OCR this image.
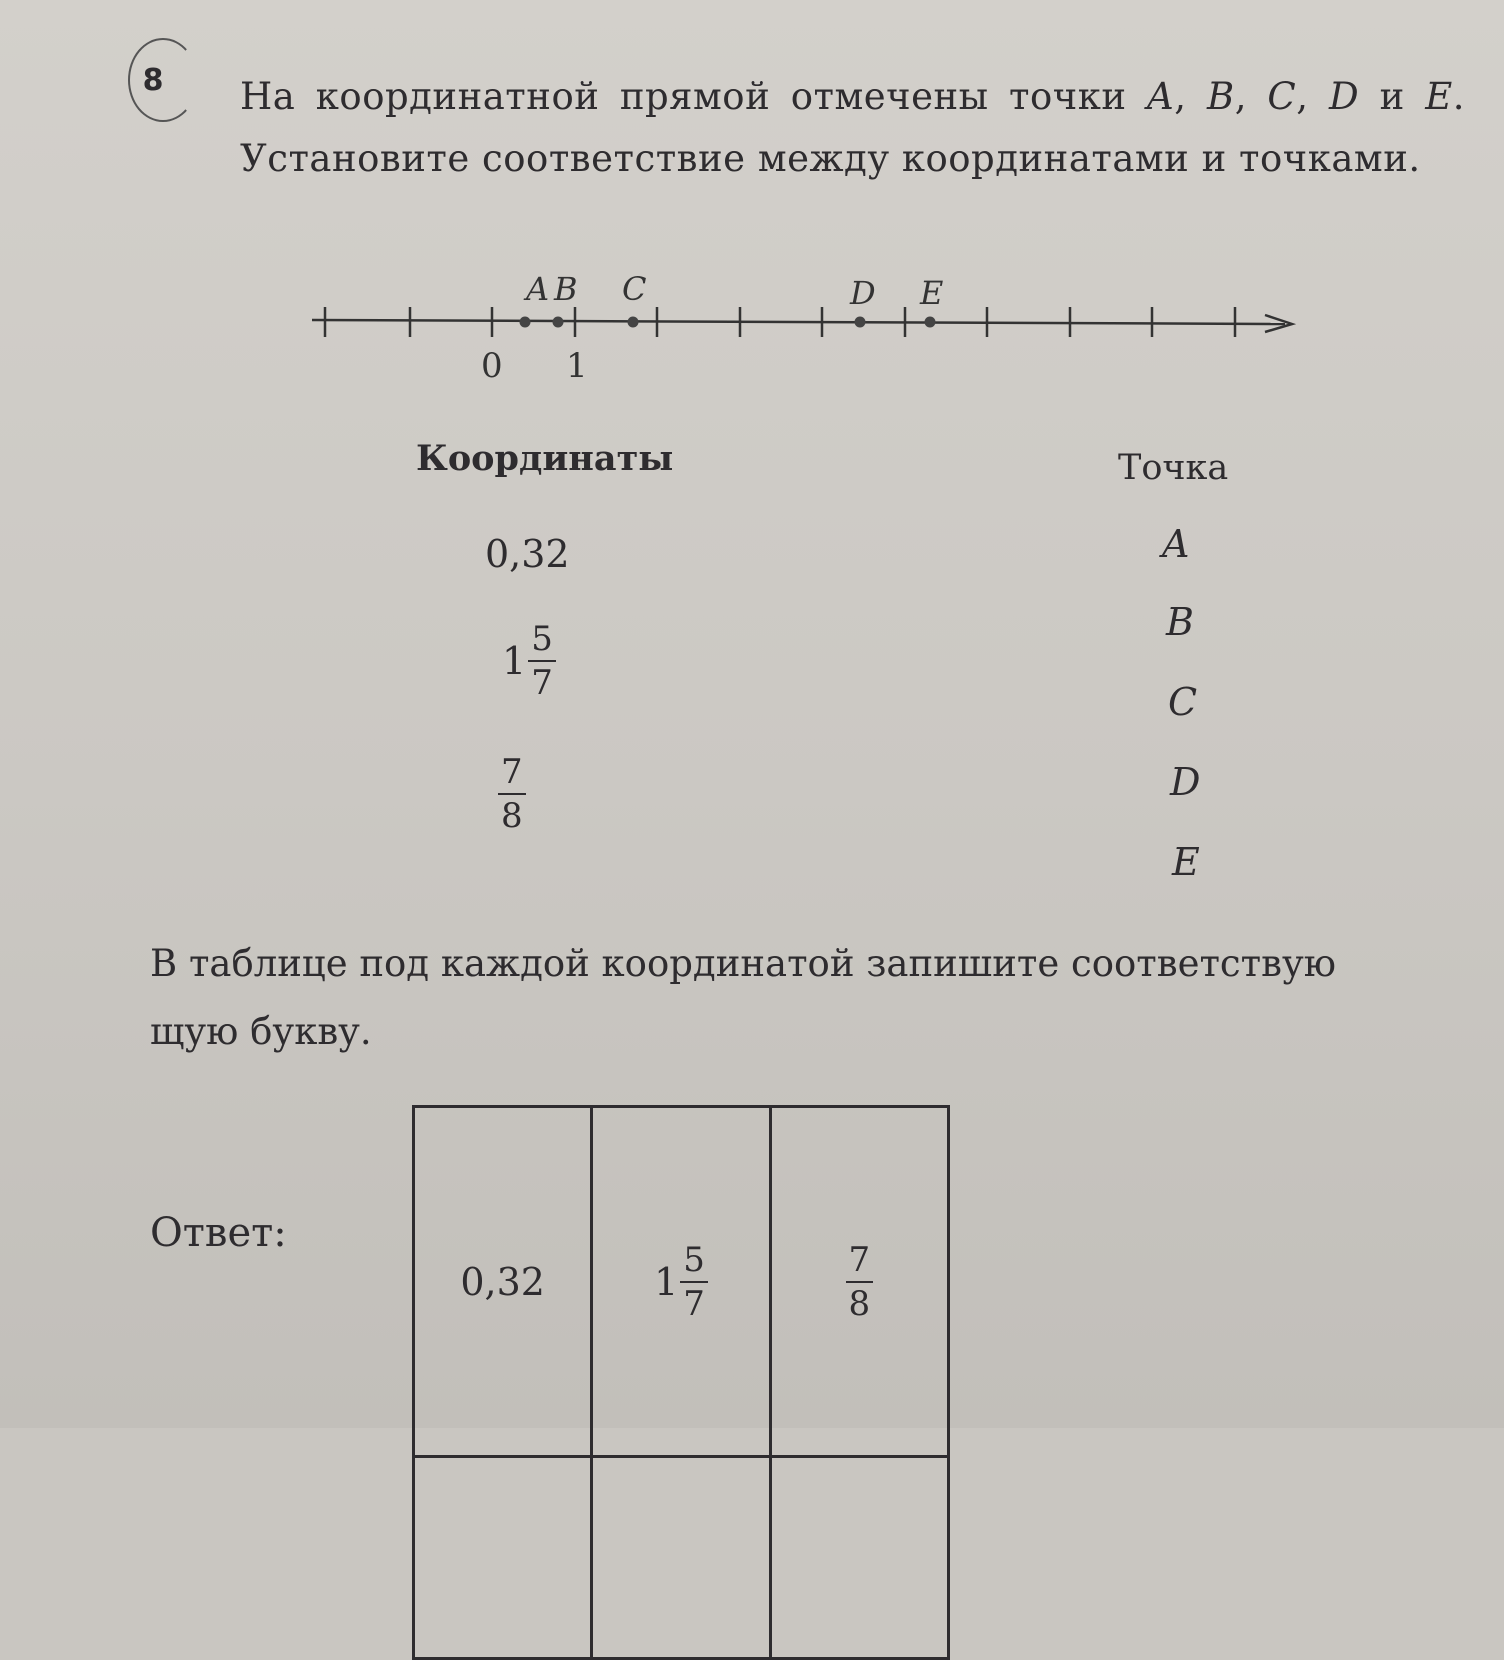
8	На координатной прямой отмечены точки A, B, C, D и E. Установите соответствие между координатами и точками.
A B C	D E
0 1
Координаты	Точка
0,32
$1 \frac{5}{7}$
$\frac{7}{8}$
A
B
C
D
E
В таблице под каждой координатой запишите соответствую
щую букву.
Ответ:
0,32	$1 \frac{5}{7}$	$\frac{7}{8}$
